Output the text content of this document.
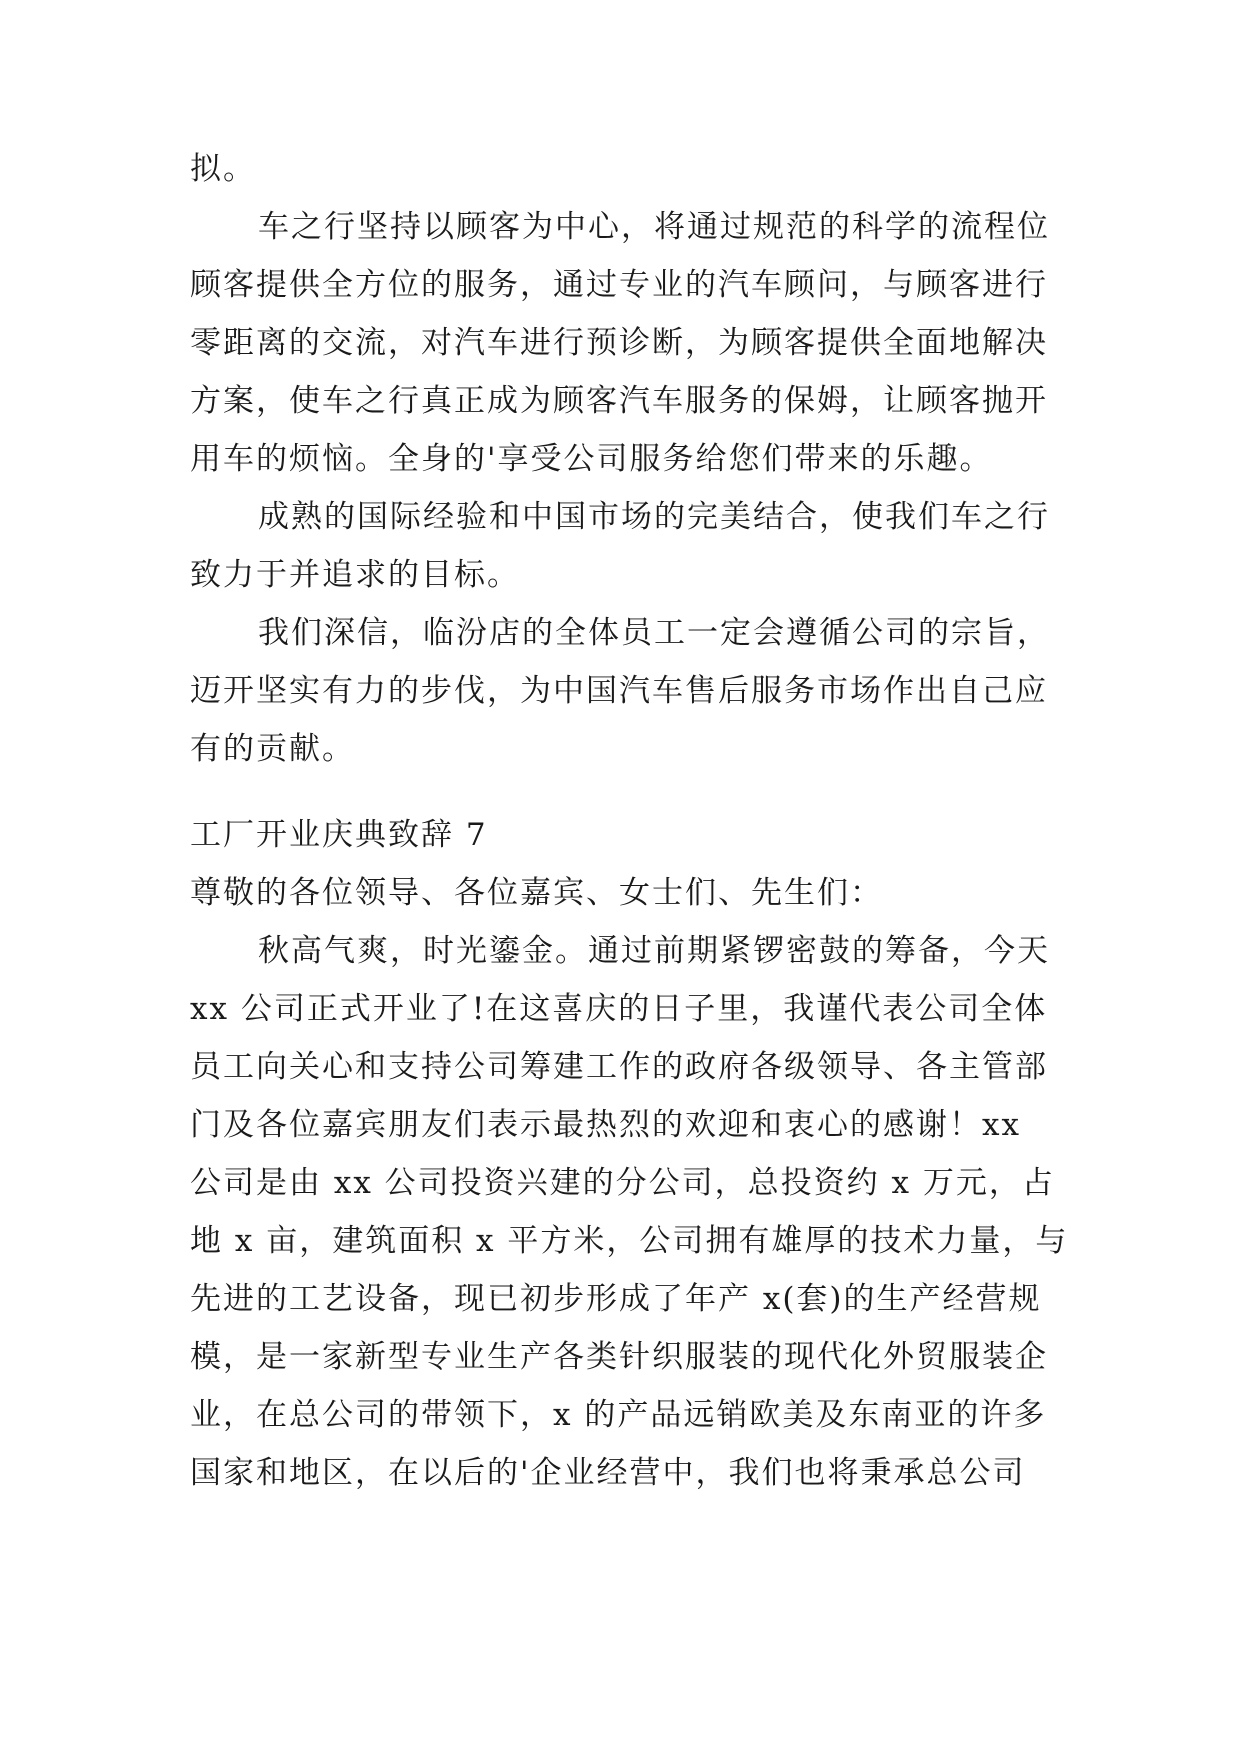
拟。
车之行坚持以顾客为中心，将通过规范的科学的流程位
顾客提供全方位的服务，通过专业的汽车顾问，与顾客进行
零距离的交流，对汽车进行预诊断，为顾客提供全面地解决
方案，使车之行真正成为顾客汽车服务的保姆，让顾客抛开
用车的烦恼。全身的'享受公司服务给您们带来的乐趣。
成熟的国际经验和中国市场的完美结合，使我们车之行
致力于并追求的目标。
我们深信，临汾店的全体员工一定会遵循公司的宗旨，
迈开坚实有力的步伐，为中国汽车售后服务市场作出自己应
有的贡献。
工厂开业庆典致辞 7
尊敬的各位领导、各位嘉宾、女士们、先生们：
秋高气爽，时光鎏金。通过前期紧锣密鼓的筹备，今天
xx 公司正式开业了!在这喜庆的日子里，我谨代表公司全体
员工向关心和支持公司筹建工作的政府各级领导、各主管部
门及各位嘉宾朋友们表示最热烈的欢迎和衷心的感谢！xx
公司是由 xx 公司投资兴建的分公司，总投资约 x 万元，占
地 x 亩，建筑面积 x 平方米，公司拥有雄厚的技术力量，与
先进的工艺设备，现已初步形成了年产 x(套)的生产经营规
模，是一家新型专业生产各类针织服装的现代化外贸服装企
业，在总公司的带领下，x 的产品远销欧美及东南亚的许多
国家和地区，在以后的'企业经营中，我们也将秉承总公司
